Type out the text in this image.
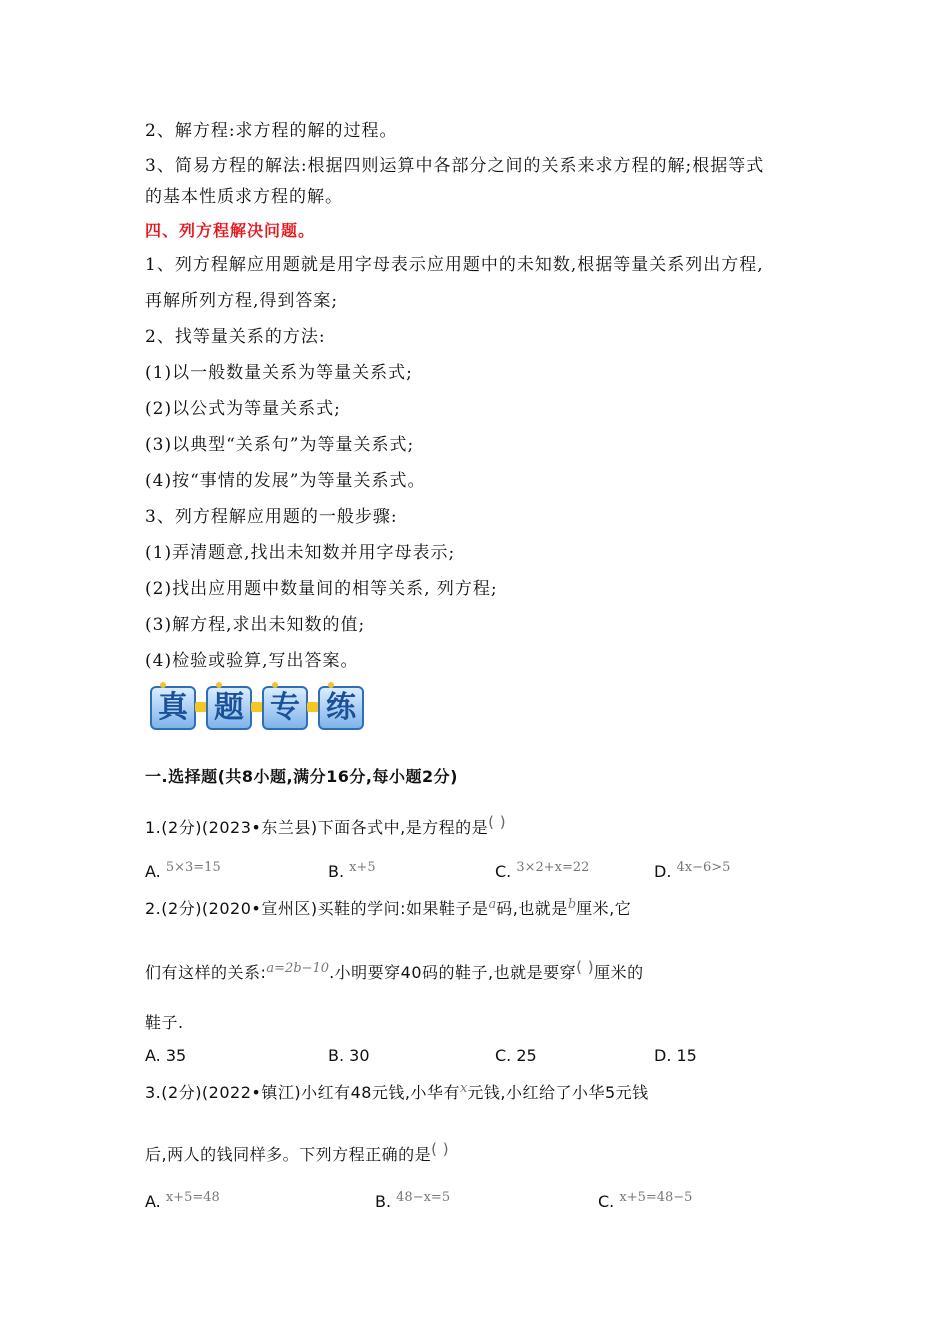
2、解方程:求方程的解的过程。
3、简易方程的解法:根据四则运算中各部分之间的关系来求方程的解;根据等式
的基本性质求方程的解。
四、列方程解决问题。
1、列方程解应用题就是用字母表示应用题中的未知数,根据等量关系列出方程,
再解所列方程,得到答案;
2、找等量关系的方法:
(1)以一般数量关系为等量关系式;
(2)以公式为等量关系式;
(3)以典型“关系句”为等量关系式;
(4)按“事情的发展”为等量关系式。
3、列方程解应用题的一般步骤:
(1)弄清题意,找出未知数并用字母表示;
(2)找出应用题中数量间的相等关系, 列方程;
(3)解方程,求出未知数的值;
(4)检验或验算,写出答案。
真 题 专 练
一.选择题(共8小题,满分16分,每小题2分)
1.(2分)(2023•东兰县)下面各式中,是方程的是( )
A. $^{5\times 3=15}$	B. $^{x+5}$	C. $^{3\times 2+x=22}$	D. $^{4x-6>5}$
2.(2分)(2020•宣州区)买鞋的学问:如果鞋子是$^a$码,也就是$^b$厘米,它
们有这样的关系:$^{a=2b-10}$.小明要穿40码的鞋子,也就是要穿( )厘米的
鞋子.
A. 35	B. 30	C. 25	D. 15
3.(2分)(2022•镇江)小红有48元钱,小华有$^x$元钱,小红给了小华5元钱
后,两人的钱同样多。下列方程正确的是( )
A. $^{x+5=48}$	B. $^{48-x=5}$	C. $^{x+5=48-5}$
